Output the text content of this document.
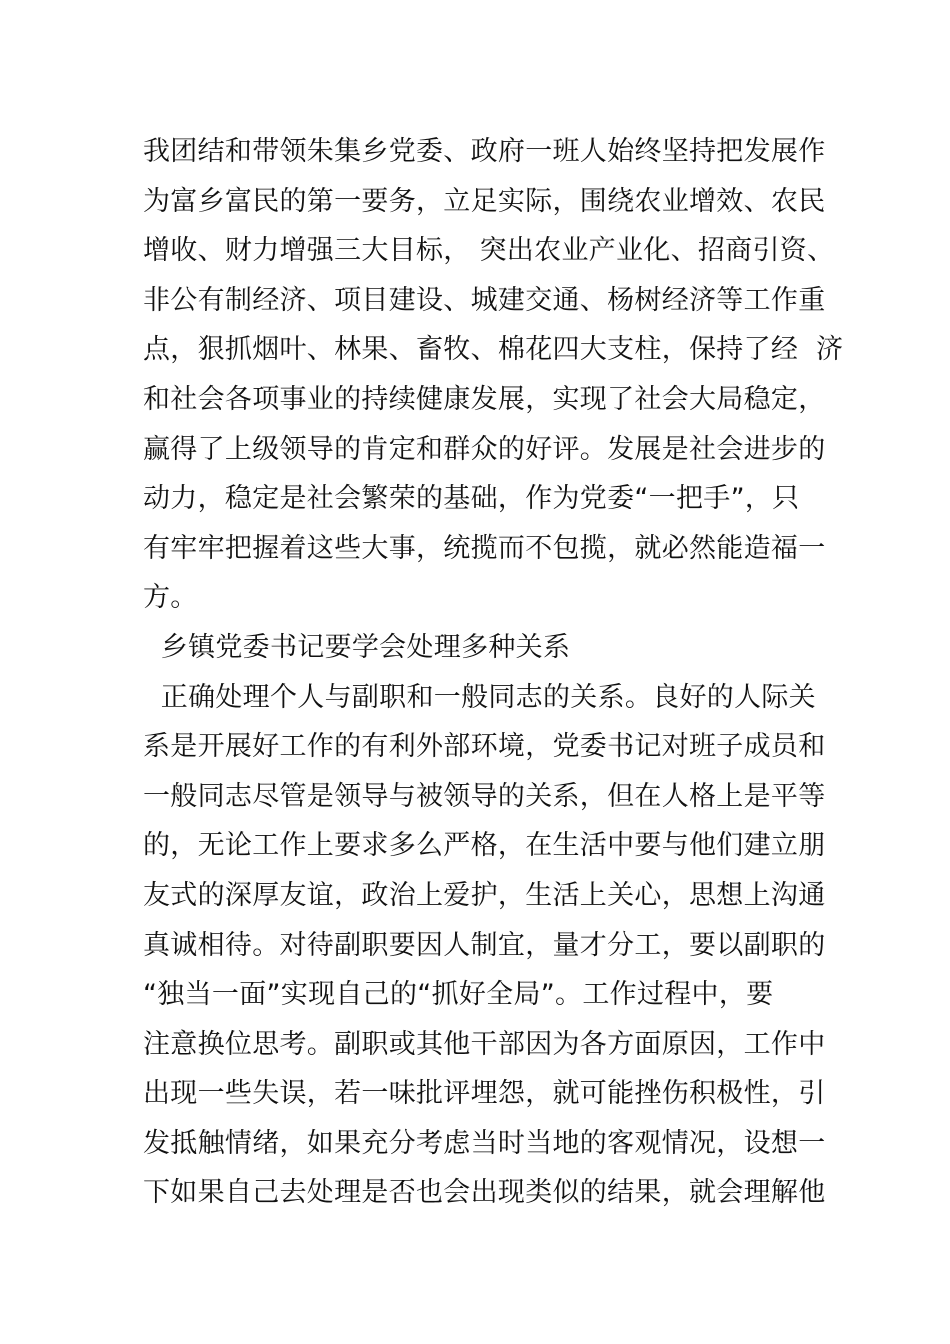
我团结和带领朱集乡党委、政府一班人始终坚持把发展作
为富乡富民的第一要务，立足实际，围绕农业增效、农民
增收、财力增强三大目标， 突出农业产业化、招商引资、
非公有制经济、项目建设、城建交通、杨树经济等工作重
点，狠抓烟叶、林果、畜牧、棉花四大支柱，保持了经  济
和社会各项事业的持续健康发展，实现了社会大局稳定，
赢得了上级领导的肯定和群众的好评。发展是社会进步的
动力，稳定是社会繁荣的基础，作为党委“一把手”，只
有牢牢把握着这些大事，统揽而不包揽，就必然能造福一
方。
乡镇党委书记要学会处理多种关系
正确处理个人与副职和一般同志的关系。良好的人际关
系是开展好工作的有利外部环境，党委书记对班子成员和
一般同志尽管是领导与被领导的关系，但在人格上是平等
的，无论工作上要求多么严格，在生活中要与他们建立朋
友式的深厚友谊，政治上爱护，生活上关心，思想上沟通
真诚相待。对待副职要因人制宜，量才分工，要以副职的
“独当一面”实现自己的“抓好全局”。工作过程中，要
注意换位思考。副职或其他干部因为各方面原因，工作中
出现一些失误，若一味批评埋怨，就可能挫伤积极性，引
发抵触情绪，如果充分考虑当时当地的客观情况，设想一
下如果自己去处理是否也会出现类似的结果，就会理解他
